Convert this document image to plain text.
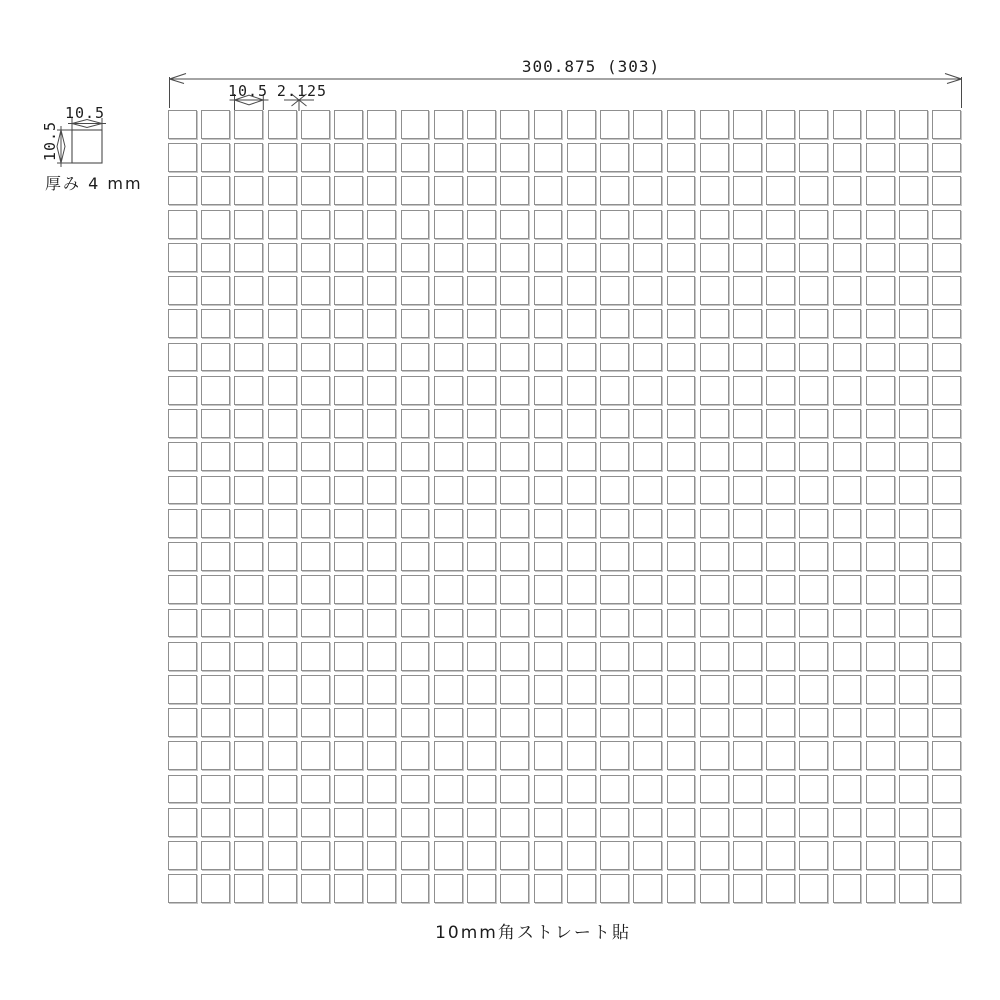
300.875 (303)
10.5 2.125
10.5
10.5
厚み 4 mm
10mm角ストレート貼
